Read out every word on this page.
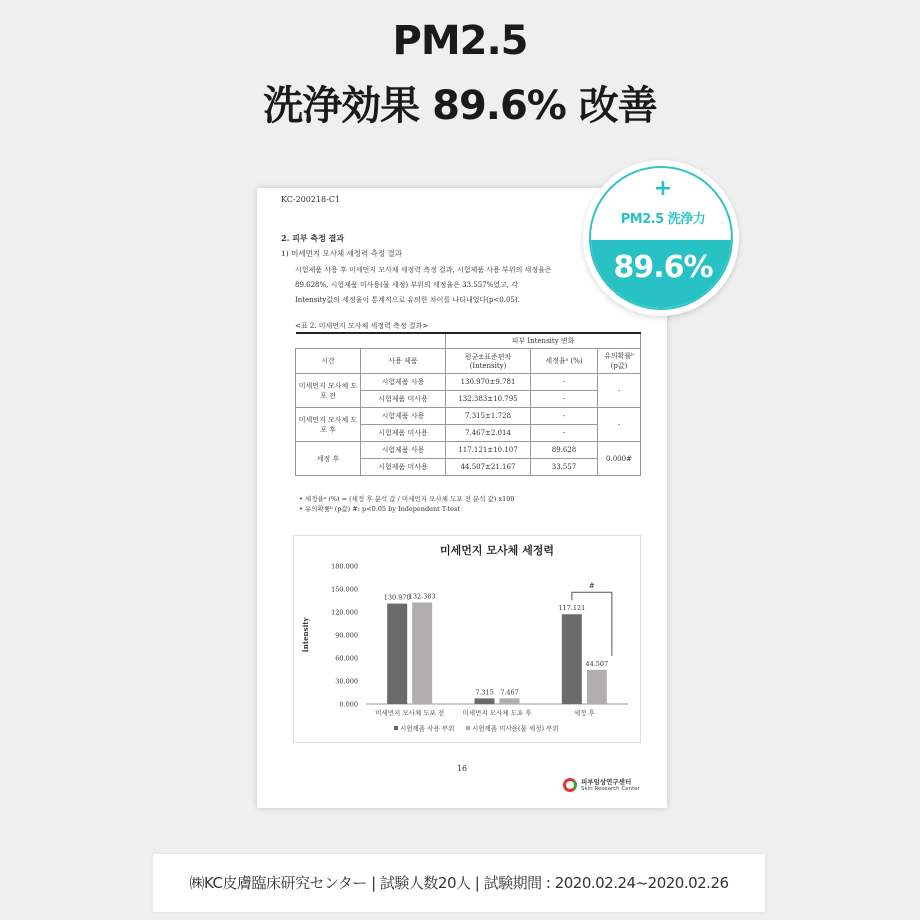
PM2.5
洗浄効果 89.6% 改善
KC-200218-C1
2. 피부 측정 결과
1) 미세먼지 모사체 세정력 측정 결과
시험제품 사용 후 미세먼지 모사체 세정력 측정 결과, 시험제품 사용 부위의 세정율은
89.628%, 시험제품 미사용(물 세정) 부위의 세정율은 33.557%였고, 각
Intensity값의 세정율이 통계적으로 유의한 차이를 나타내었다(p<0.05).
<표 2. 미세먼지 모사체 세정력 측정 결과>
		피부 Intensity 변화		
시간	사용 제품	평균±표준편차 (Intensity)	세정율ᵃ (%)	유의확률ᵇ (p값)
미세먼지 모사체 도포 전	시험제품 사용	130.970±9.781	-	-
	시험제품 미사용	132.383±10.795	-	
미세먼지 모사체 도포 후	시험제품 사용	7.315±1.728	-	-
	시험제품 미사용	7.467±2.014	-	
세정 후	시험제품 사용	117.121±10.107	89.628	0.000#
	시험제품 미사용	44.507±21.167	33.557	
• 세정율ᵃ (%) = (세정 후 분석 값 / 미세먼지 모사체 도포 전 분석 값) x100
• 유의확률ᵇ (p값) #: p<0.05 by Independent T-test
미세먼지 모사체 세정력
Intensity
0.000
30.000
60.000
90.000
120.000
150.000
180.000
130.970
132.383
미세먼지 모사체 도포 전
7.315 7.467
미세먼지 모사체 도포 후
117.121
44.507
세정 후
#
시험제품 사용 부위	시험제품 미사용(물 세정) 부위
16
피부임상연구센터
Skin Research Center
+
PM2.5 洗浄力
89.6%
㈱KC皮膚臨床研究センター | 試験人数20人 | 試験期間 : 2020.02.24~2020.02.26
